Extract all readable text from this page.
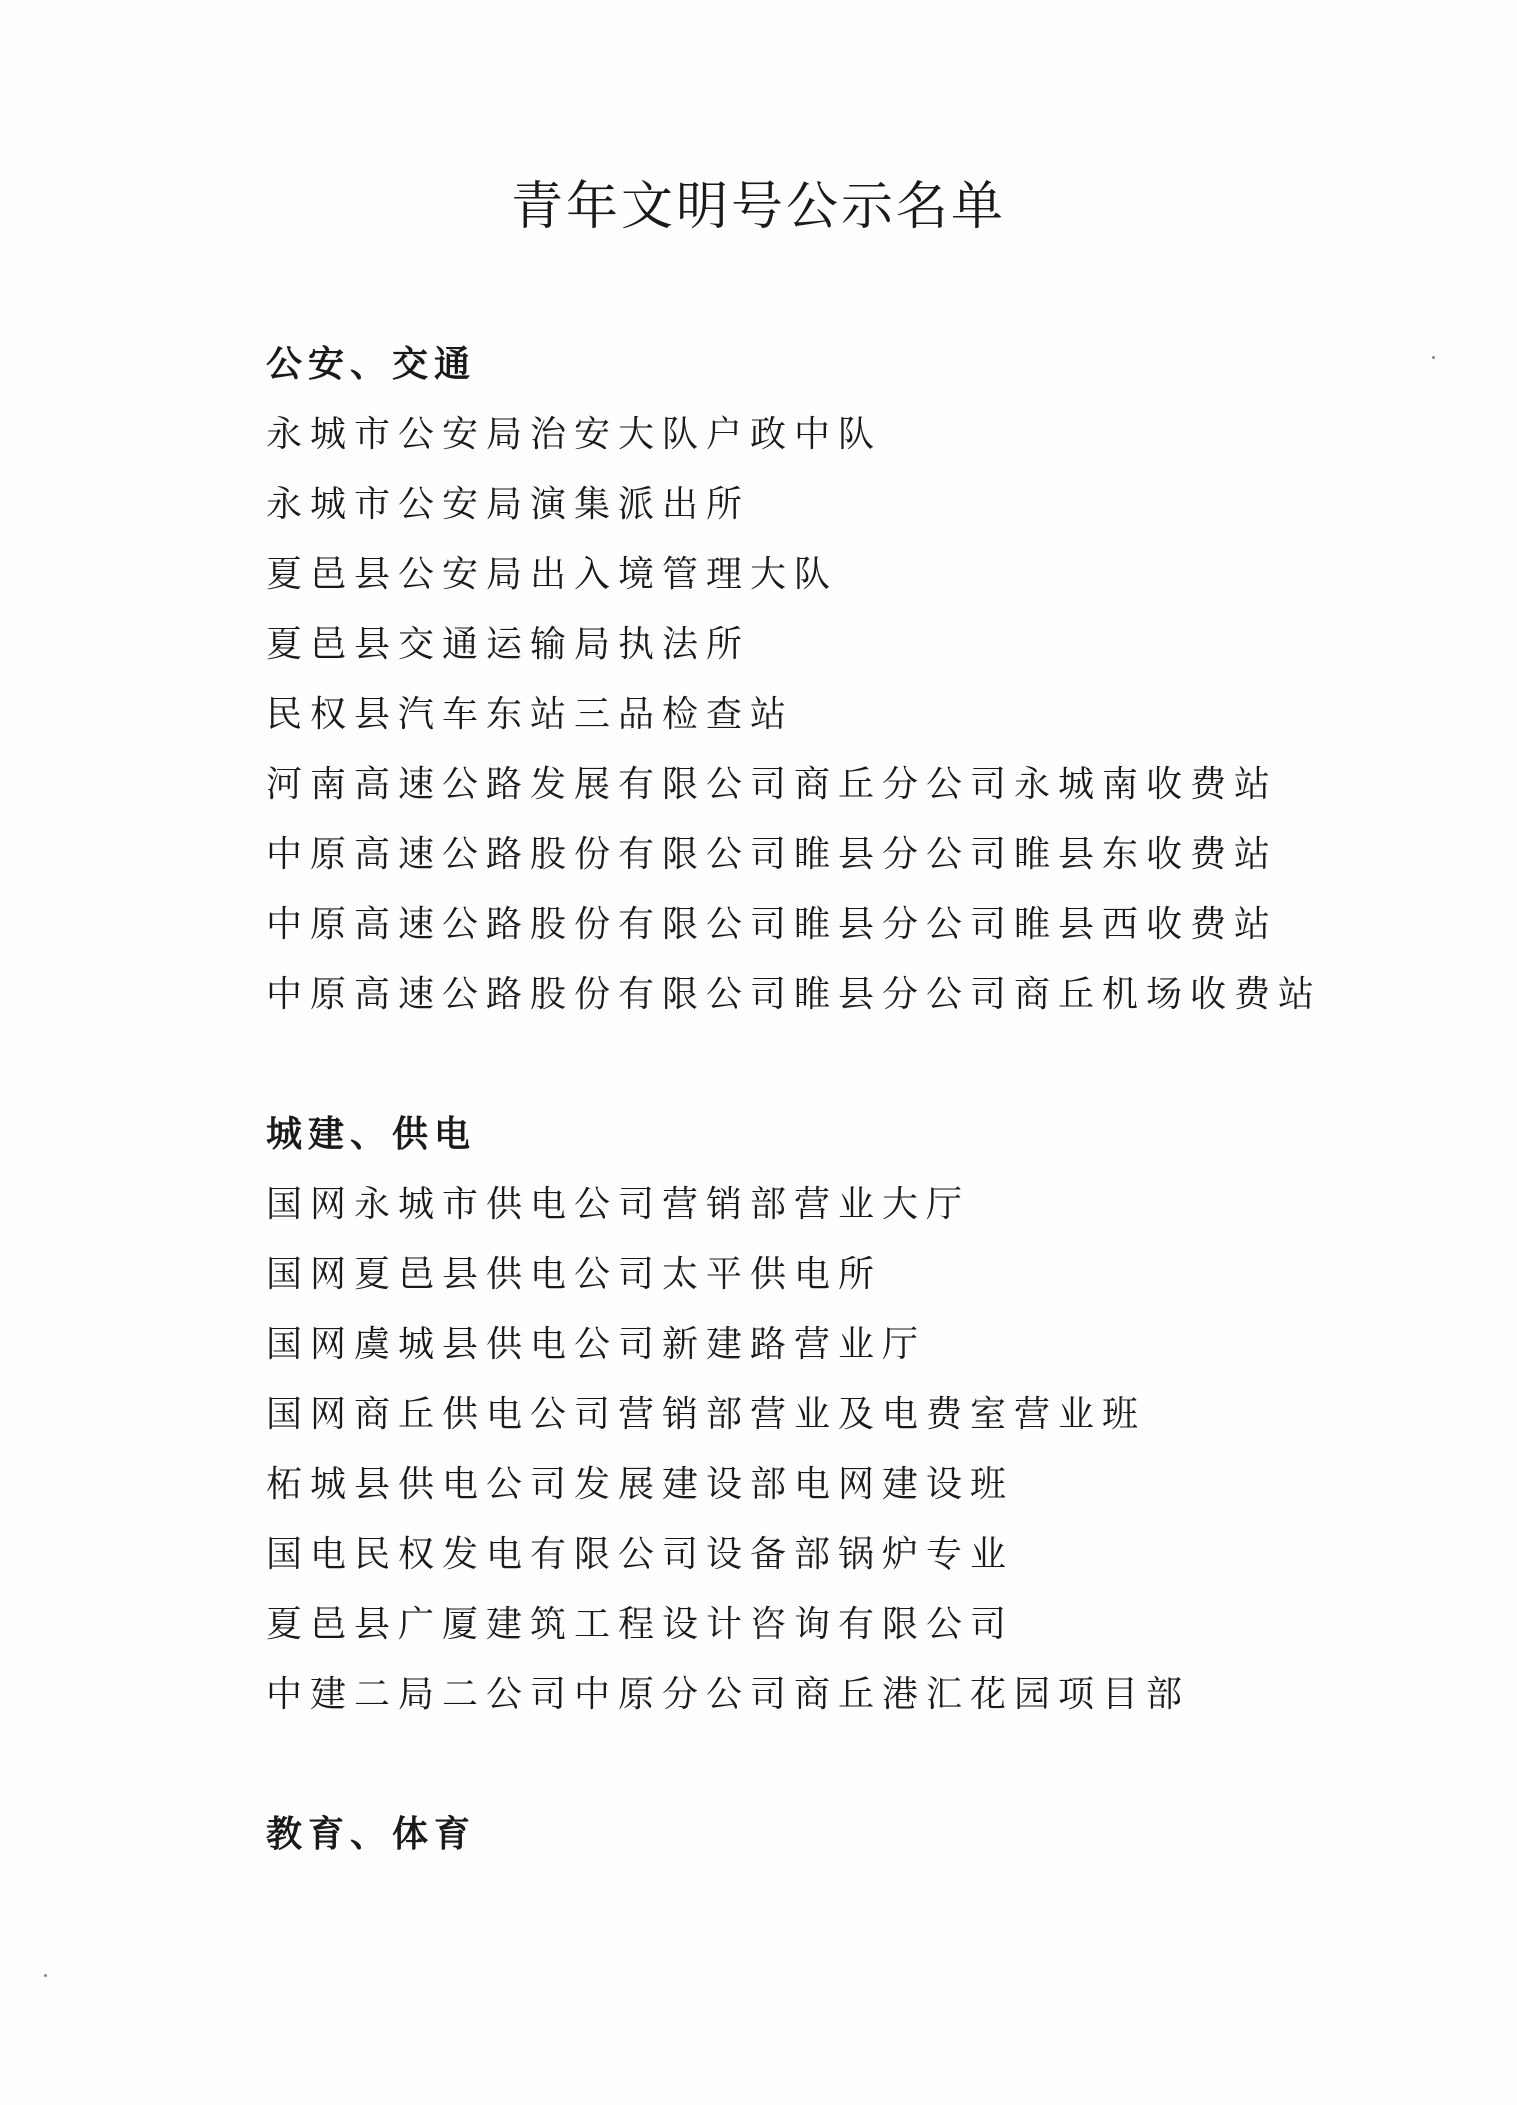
青年文明号公示名单
公安、交通
永城市公安局治安大队户政中队
永城市公安局演集派出所
夏邑县公安局出入境管理大队
夏邑县交通运输局执法所
民权县汽车东站三品检查站
河南高速公路发展有限公司商丘分公司永城南收费站
中原高速公路股份有限公司睢县分公司睢县东收费站
中原高速公路股份有限公司睢县分公司睢县西收费站
中原高速公路股份有限公司睢县分公司商丘机场收费站
城建、供电
国网永城市供电公司营销部营业大厅
国网夏邑县供电公司太平供电所
国网虞城县供电公司新建路营业厅
国网商丘供电公司营销部营业及电费室营业班
柘城县供电公司发展建设部电网建设班
国电民权发电有限公司设备部锅炉专业
夏邑县广厦建筑工程设计咨询有限公司
中建二局二公司中原分公司商丘港汇花园项目部
教育、体育
